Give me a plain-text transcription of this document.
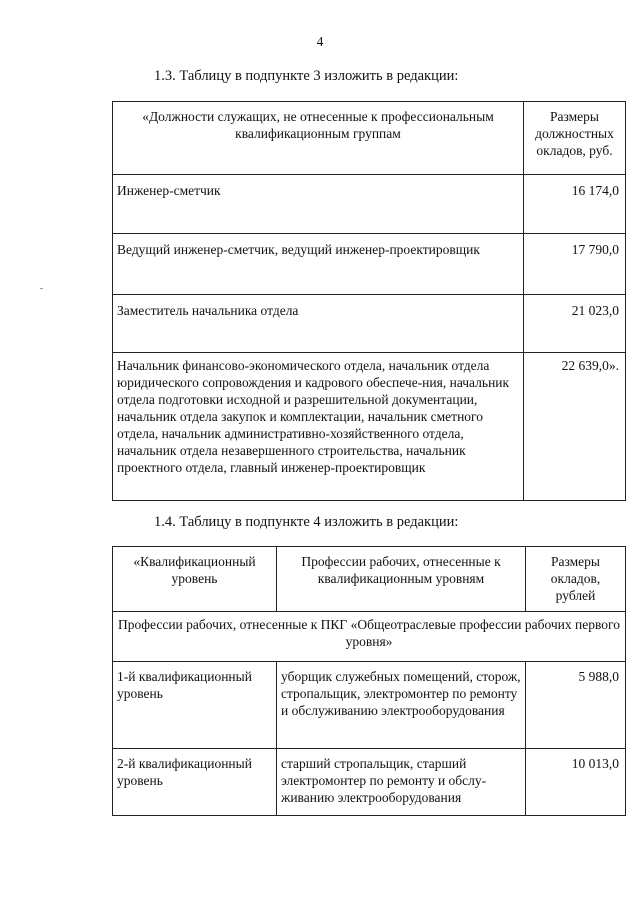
4
1.3. Таблицу в подпункте 3 изложить в редакции:
«Должности служащих, не отнесенные к профессиональным квалификационным группам	Размеры должностных окладов, руб.
Инженер-сметчик	16 174,0
Ведущий инженер-сметчик, ведущий инженер-проектировщик	17 790,0
Заместитель начальника отдела	21 023,0
Начальник финансово-экономического отдела, начальник отдела юридического сопровождения и кадрового обеспече-ния, начальник отдела подготовки исходной и разрешительной документации, начальник отдела закупок и комплектации, начальник сметного отдела, начальник административно-хозяйственного отдела, начальник отдела незавершенного строительства, начальник проектного отдела, главный инженер-проектировщик	22 639,0».
1.4. Таблицу в подпункте 4 изложить в редакции:
«Квалификационный уровень	Профессии рабочих, отнесенные к квалификационным уровням	Размеры окладов, рублей
Профессии рабочих, отнесенные к ПКГ «Общеотраслевые профессии рабочих первого уровня»		
1-й квалификационный уровень	уборщик служебных помещений, сторож, стропальщик, электромонтер по ремонту и обслуживанию электрооборудования	5 988,0
2-й квалификационный уровень	старший стропальщик, старший электромонтер по ремонту и обслу-живанию электрооборудования	10 013,0
